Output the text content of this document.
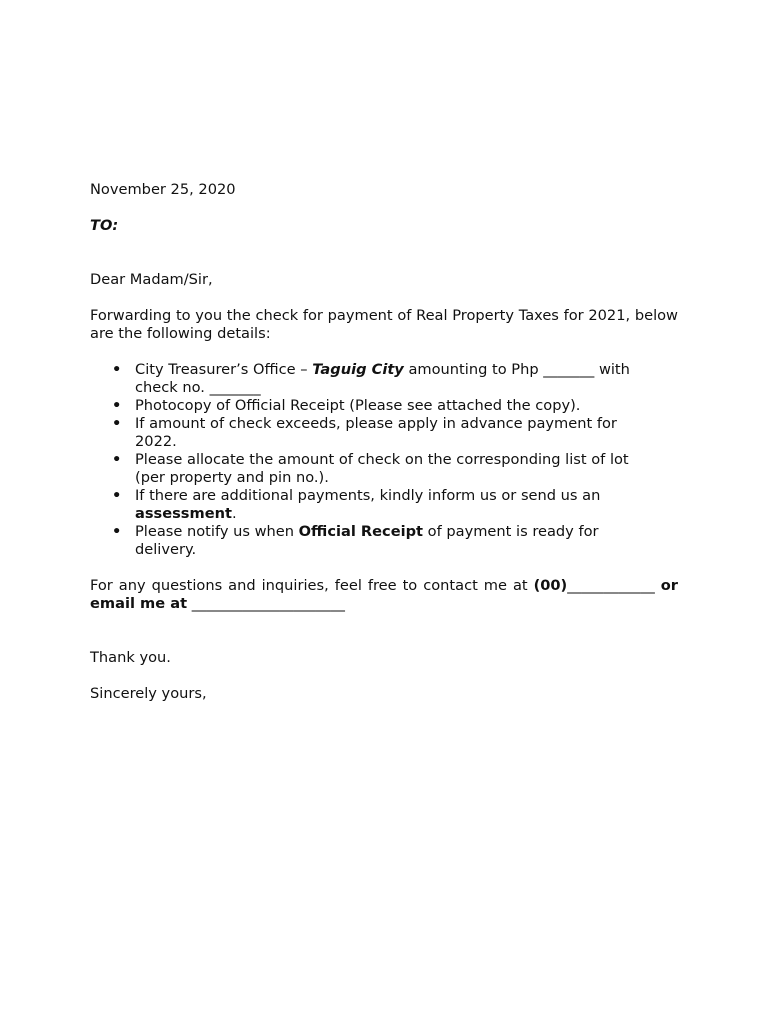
November 25, 2020

TO:

Dear Madam/Sir,

Forwarding to you the check for payment of Real Property Taxes for 2021, below are the following details:

• City Treasurer’s Office – Taguig City amounting to Php _______ with check no. _______
• Photocopy of Official Receipt (Please see attached the copy).
• If amount of check exceeds, please apply in advance payment for 2022.
• Please allocate the amount of check on the corresponding list of lot (per property and pin no.).
• If there are additional payments, kindly inform us or send us an assessment.
• Please notify us when Official Receipt of payment is ready for delivery.

For any questions and inquiries, feel free to contact me at (00)____________ or email me at _____________________

Thank you.

Sincerely yours,
